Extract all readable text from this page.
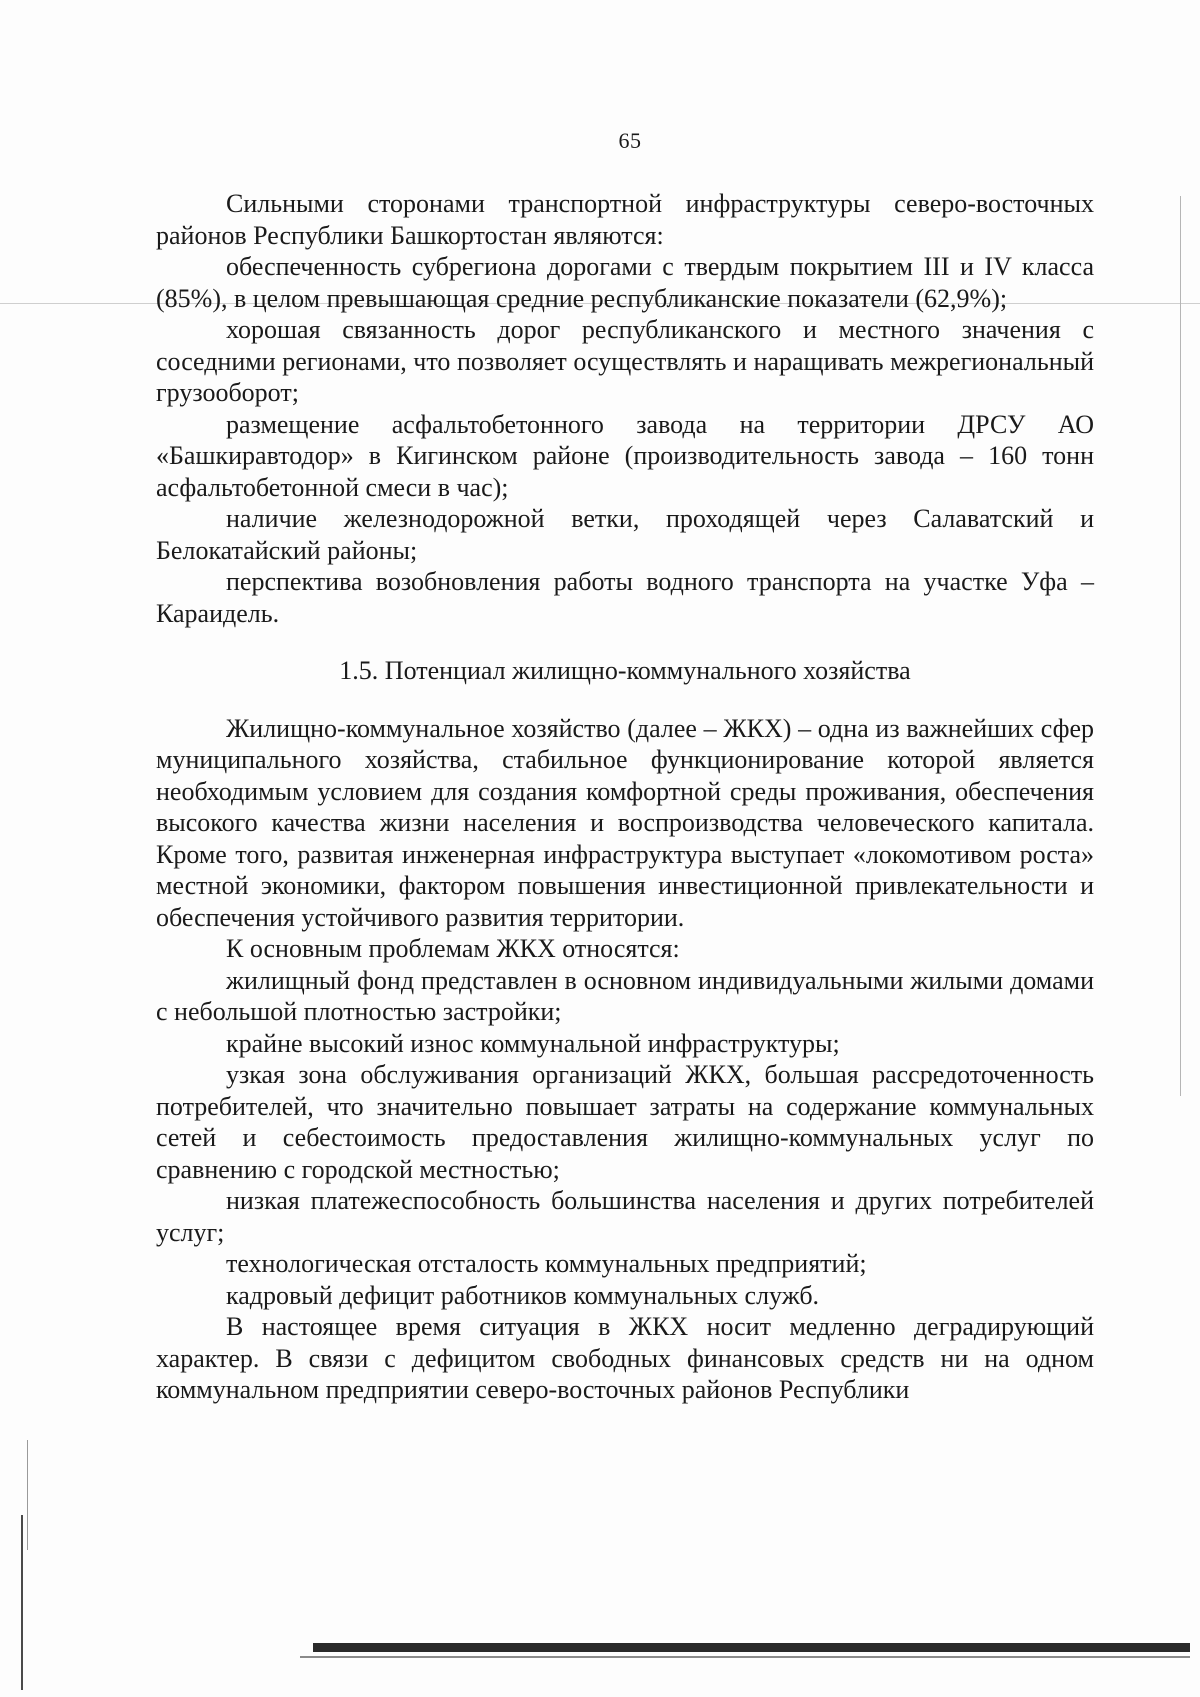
65

Сильными сторонами транспортной инфраструктуры северо-восточных районов Республики Башкортостан являются:

обеспеченность субрегиона дорогами с твердым покрытием III и IV класса (85%), в целом превышающая средние республиканские показатели (62,9%);

хорошая связанность дорог республиканского и местного значения с соседними регионами, что позволяет осуществлять и наращивать межрегиональный грузооборот;

размещение асфальтобетонного завода на территории ДРСУ АО «Башкиравтодор» в Кигинском районе (производительность завода – 160 тонн асфальтобетонной смеси в час);

наличие железнодорожной ветки, проходящей через Салаватский и Белокатайский районы;

перспектива возобновления работы водного транспорта на участке Уфа – Караидель.

1.5. Потенциал жилищно-коммунального хозяйства

Жилищно-коммунальное хозяйство (далее – ЖКХ) – одна из важнейших сфер муниципального хозяйства, стабильное функционирование которой является необходимым условием для создания комфортной среды проживания, обеспечения высокого качества жизни населения и воспроизводства человеческого капитала. Кроме того, развитая инженерная инфраструктура выступает «локомотивом роста» местной экономики, фактором повышения инвестиционной привлекательности и обеспечения устойчивого развития территории.

К основным проблемам ЖКХ относятся:

жилищный фонд представлен в основном индивидуальными жилыми домами с небольшой плотностью застройки;

крайне высокий износ коммунальной инфраструктуры;

узкая зона обслуживания организаций ЖКХ, большая рассредоточенность потребителей, что значительно повышает затраты на содержание коммунальных сетей и себестоимость предоставления жилищно-коммунальных услуг по сравнению с городской местностью;

низкая платежеспособность большинства населения и других потребителей услуг;

технологическая отсталость коммунальных предприятий;

кадровый дефицит работников коммунальных служб.

В настоящее время ситуация в ЖКХ носит медленно деградирующий характер. В связи с дефицитом свободных финансовых средств ни на одном коммунальном предприятии северо-восточных районов Республики
